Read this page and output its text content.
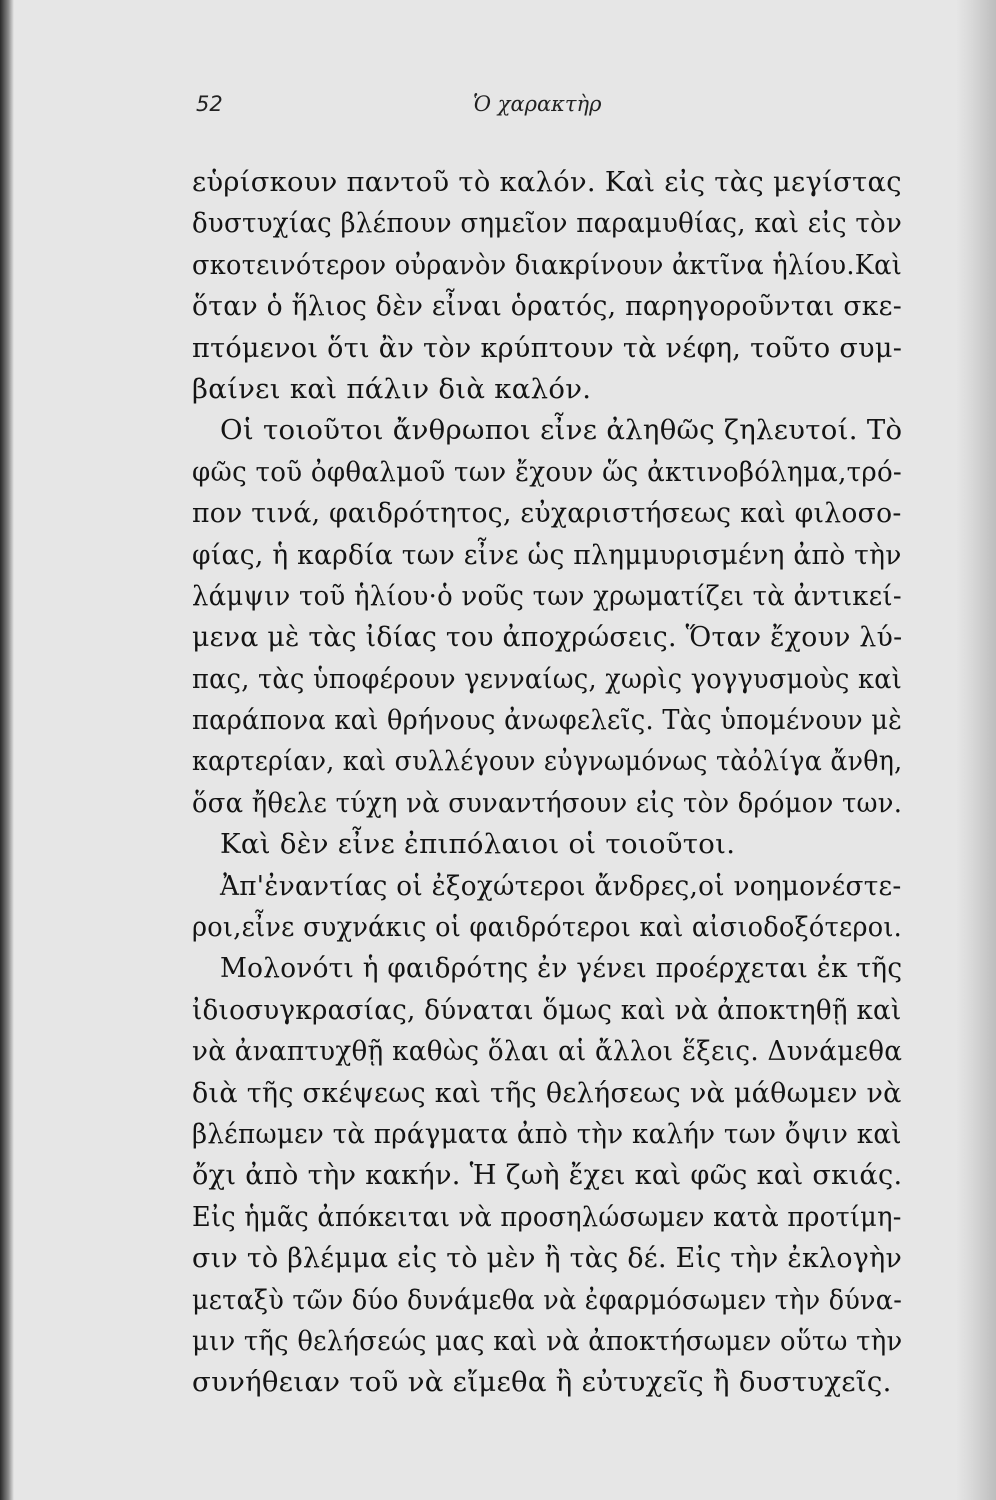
52	Ὁ χαρακτὴρ
εὑρίσκουν παντοῦ τὸ καλόν. Καὶ εἰς τὰς μεγίστας
δυστυχίας βλέπουν σημεῖον παραμυθίας, καὶ εἰς τὸν
σκοτεινότερον οὐρανὸν διακρίνουν ἀκτῖνα ἡλίου.Καὶ
ὅταν ὁ ἥλιος δὲν εἶναι ὁρατός, παρηγοροῦνται σκε-
πτόμενοι ὅτι ἂν τὸν κρύπτουν τὰ νέφη, τοῦτο συμ-
βαίνει καὶ πάλιν διὰ καλόν.
Οἱ τοιοῦτοι ἄνθρωποι εἶνε ἀληθῶς ζηλευτοί. Τὸ
φῶς τοῦ ὀφθαλμοῦ των ἔχουν ὥς ἀκτινοβόλημα,τρό-
πον τινά, φαιδρότητος, εὐχαριστήσεως καὶ φιλοσο-
φίας, ἡ καρδία των εἶνε ὡς πλημμυρισμένη ἀπὸ τὴν
λάμψιν τοῦ ἡλίου·ὁ νοῦς των χρωματίζει τὰ ἀντικεί-
μενα μὲ τὰς ἰδίας του ἀποχρώσεις. Ὅταν ἔχουν λύ-
πας, τὰς ὑποφέρουν γενναίως, χωρὶς γογγυσμοὺς καὶ
παράπονα καὶ θρήνους ἀνωφελεῖς. Τὰς ὑπομένουν μὲ
καρτερίαν, καὶ συλλέγουν εὐγνωμόνως τὰὀλίγα ἄνθη,
ὅσα ἤθελε τύχη νὰ συναντήσουν εἰς τὸν δρόμον των.
Καὶ δὲν εἶνε ἐπιπόλαιοι οἱ τοιοῦτοι.
Ἀπ'ἐναντίας οἱ ἐξοχώτεροι ἄνδρες,οἱ νοημονέστε-
ροι,εἶνε συχνάκις οἱ φαιδρότεροι καὶ αἰσιοδοξότεροι.
Μολονότι ἡ φαιδρότης ἐν γένει προέρχεται ἐκ τῆς
ἰδιοσυγκρασίας, δύναται ὅμως καὶ νὰ ἀποκτηθῇ καὶ
νὰ ἀναπτυχθῇ καθὼς ὅλαι αἱ ἄλλοι ἕξεις. Δυνάμεθα
διὰ τῆς σκέψεως καὶ τῆς θελήσεως νὰ μάθωμεν νὰ
βλέπωμεν τὰ πράγματα ἀπὸ τὴν καλήν των ὄψιν καὶ
ὄχι ἀπὸ τὴν κακήν. Ἡ ζωὴ ἔχει καὶ φῶς καὶ σκιάς.
Εἰς ἡμᾶς ἀπόκειται νὰ προσηλώσωμεν κατὰ προτίμη-
σιν τὸ βλέμμα εἰς τὸ μὲν ἢ τὰς δέ. Εἰς τὴν ἐκλογὴν
μεταξὺ τῶν δύο δυνάμεθα νὰ ἐφαρμόσωμεν τὴν δύνα-
μιν τῆς θελήσεώς μας καὶ νὰ ἀποκτήσωμεν οὕτω τὴν
συνήθειαν τοῦ νὰ εἴμεθα ἢ εὐτυχεῖς ἢ δυστυχεῖς.
